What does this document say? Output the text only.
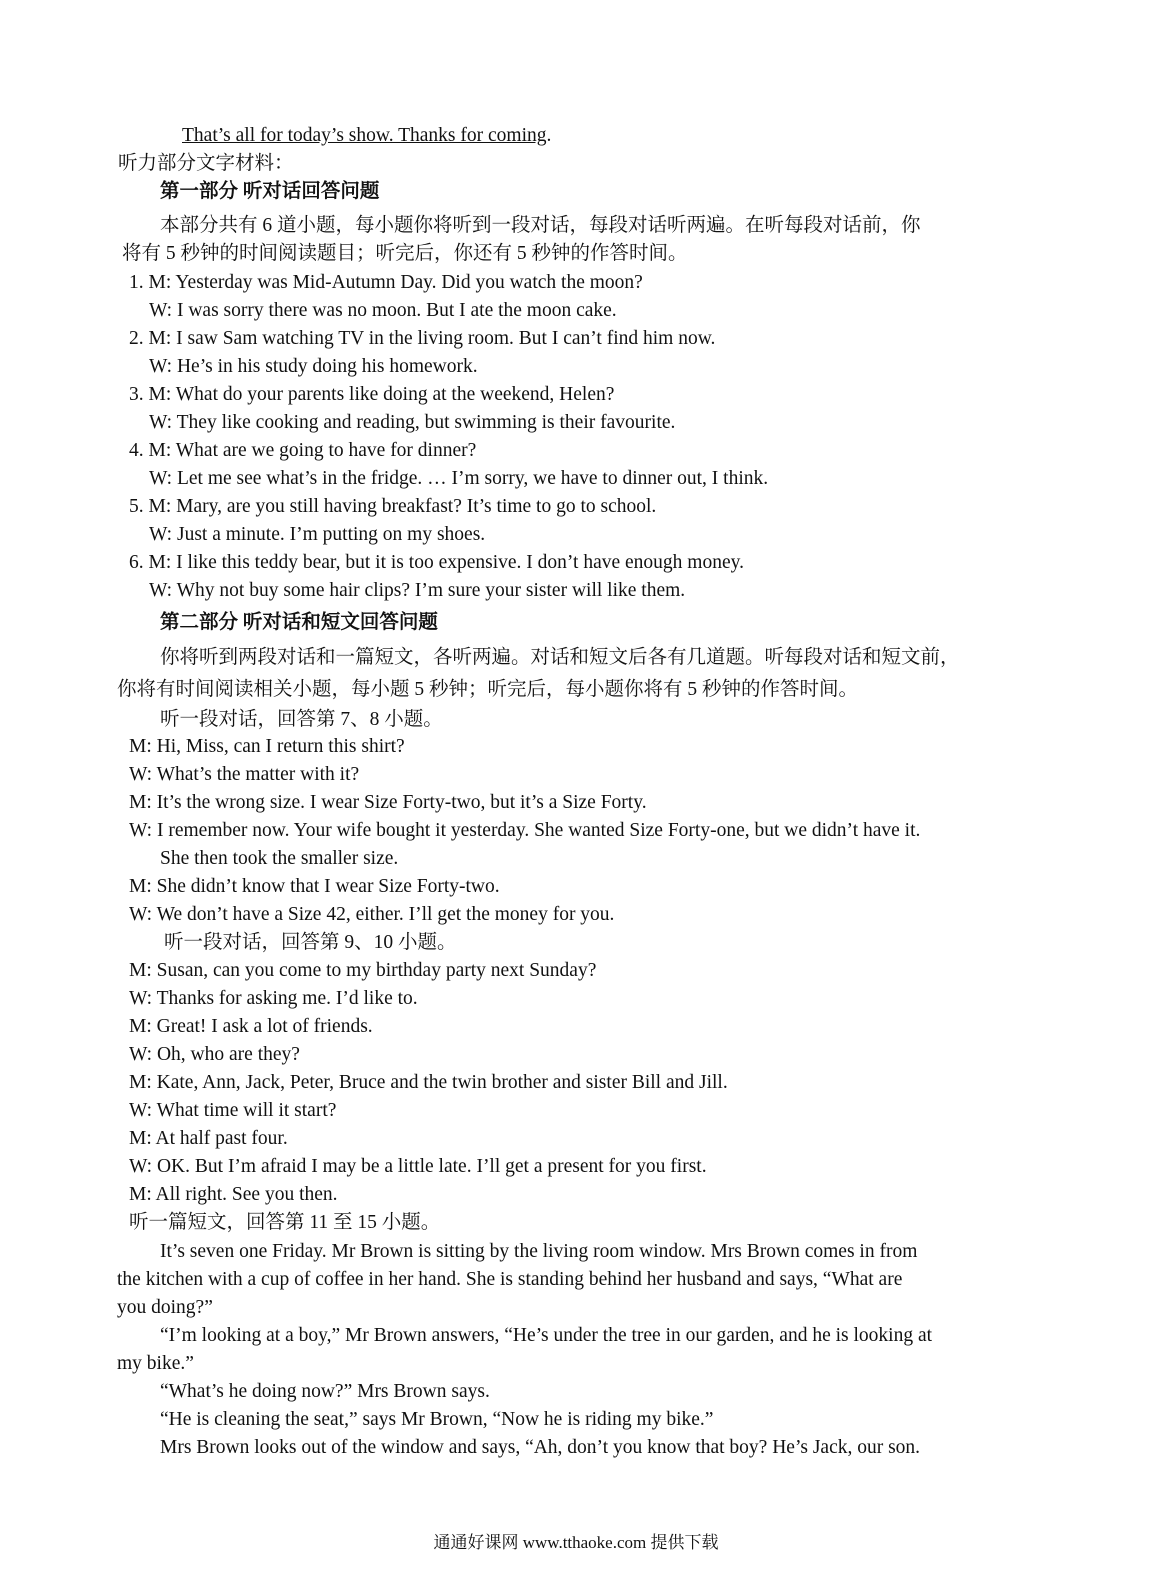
That’s all for today’s show. Thanks for coming.
听力部分文字材料：
第一部分 听对话回答问题
本部分共有 6 道小题，每小题你将听到一段对话，每段对话听两遍。在听每段对话前，你
将有 5 秒钟的时间阅读题目；听完后，你还有 5 秒钟的作答时间。
1. M: Yesterday was Mid-Autumn Day. Did you watch the moon?
W: I was sorry there was no moon. But I ate the moon cake.
2. M: I saw Sam watching TV in the living room. But I can’t find him now.
W: He’s in his study doing his homework.
3. M: What do your parents like doing at the weekend, Helen?
W: They like cooking and reading, but swimming is their favourite.
4. M: What are we going to have for dinner?
W: Let me see what’s in the fridge. … I’m sorry, we have to dinner out, I think.
5. M: Mary, are you still having breakfast? It’s time to go to school.
W: Just a minute. I’m putting on my shoes.
6. M: I like this teddy bear, but it is too expensive. I don’t have enough money.
W: Why not buy some hair clips? I’m sure your sister will like them.
第二部分 听对话和短文回答问题
你将听到两段对话和一篇短文，各听两遍。对话和短文后各有几道题。听每段对话和短文前，
你将有时间阅读相关小题，每小题 5 秒钟；听完后，每小题你将有 5 秒钟的作答时间。
听一段对话，回答第 7、8 小题。
M: Hi, Miss, can I return this shirt?
W: What’s the matter with it?
M: It’s the wrong size. I wear Size Forty-two, but it’s a Size Forty.
W: I remember now. Your wife bought it yesterday. She wanted Size Forty-one, but we didn’t have it.
She then took the smaller size.
M: She didn’t know that I wear Size Forty-two.
W: We don’t have a Size 42, either. I’ll get the money for you.
听一段对话，回答第 9、10 小题。
M: Susan, can you come to my birthday party next Sunday?
W: Thanks for asking me. I’d like to.
M: Great! I ask a lot of friends.
W: Oh, who are they?
M: Kate, Ann, Jack, Peter, Bruce and the twin brother and sister Bill and Jill.
W: What time will it start?
M: At half past four.
W: OK. But I’m afraid I may be a little late. I’ll get a present for you first.
M: All right. See you then.
听一篇短文，回答第 11 至 15 小题。
It’s seven one Friday. Mr Brown is sitting by the living room window. Mrs Brown comes in from
the kitchen with a cup of coffee in her hand. She is standing behind her husband and says, “What are
you doing?”
“I’m looking at a boy,” Mr Brown answers, “He’s under the tree in our garden, and he is looking at
my bike.”
“What’s he doing now?” Mrs Brown says.
“He is cleaning the seat,” says Mr Brown, “Now he is riding my bike.”
Mrs Brown looks out of the window and says, “Ah, don’t you know that boy? He’s Jack, our son.
通通好课网 www.tthaoke.com 提供下载
